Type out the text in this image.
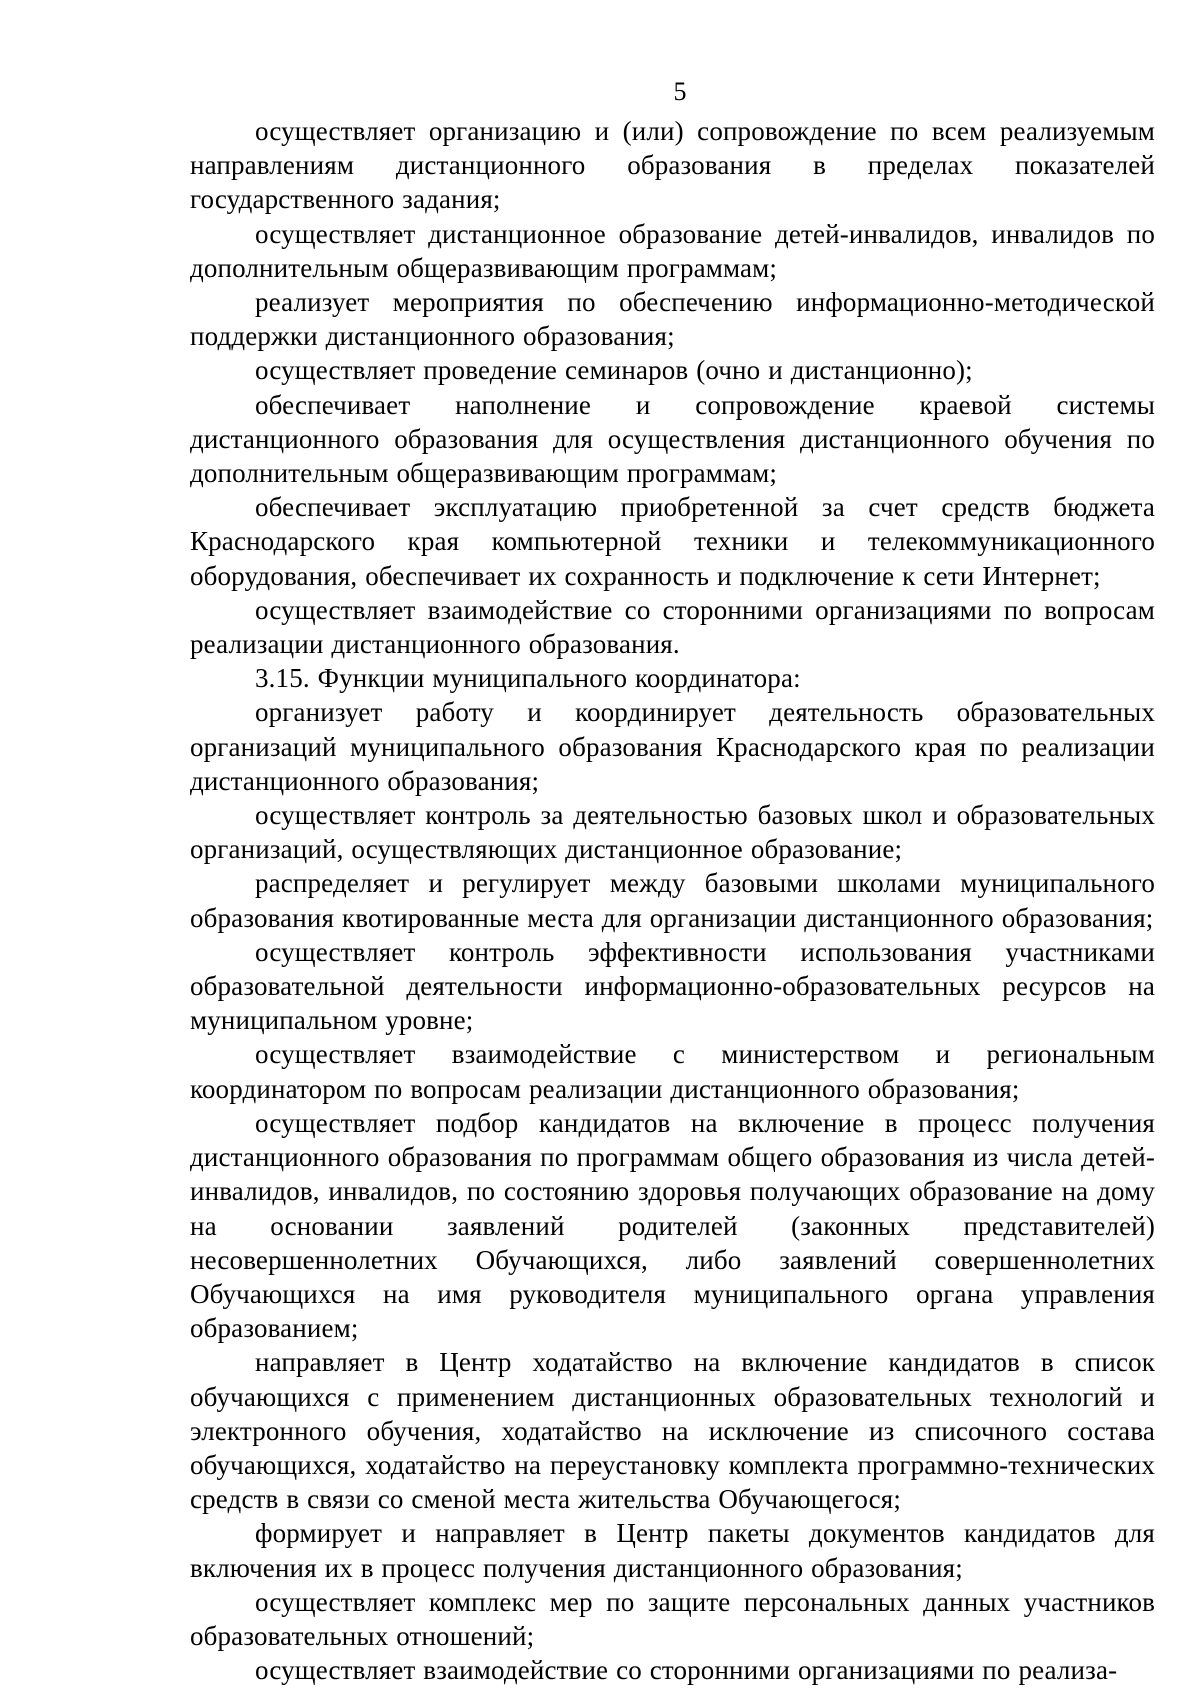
5

осуществляет организацию и (или) сопровождение по всем реализуемым направлениям дистанционного образования в пределах показателей государственного задания;

осуществляет дистанционное образование детей-инвалидов, инвалидов по дополнительным общеразвивающим программам;

реализует мероприятия по обеспечению информационно-методической поддержки дистанционного образования;

осуществляет проведение семинаров (очно и дистанционно);

обеспечивает наполнение и сопровождение краевой системы дистанционного образования для осуществления дистанционного обучения по дополнительным общеразвивающим программам;

обеспечивает эксплуатацию приобретенной за счет средств бюджета Краснодарского края компьютерной техники и телекоммуникационного оборудования, обеспечивает их сохранность и подключение к сети Интернет;

осуществляет взаимодействие со сторонними организациями по вопросам реализации дистанционного образования.

3.15. Функции муниципального координатора:

организует работу и координирует деятельность образовательных организаций муниципального образования Краснодарского края по реализации дистанционного образования;

осуществляет контроль за деятельностью базовых школ и образовательных организаций, осуществляющих дистанционное образование;

распределяет и регулирует между базовыми школами муниципального образования квотированные места для организации дистанционного образования;

осуществляет контроль эффективности использования участниками образовательной деятельности информационно-образовательных ресурсов на муниципальном уровне;

осуществляет взаимодействие с министерством и региональным координатором по вопросам реализации дистанционного образования;

осуществляет подбор кандидатов на включение в процесс получения дистанционного образования по программам общего образования из числа детей-инвалидов, инвалидов, по состоянию здоровья получающих образование на дому на основании заявлений родителей (законных представителей) несовершеннолетних Обучающихся, либо заявлений совершеннолетних Обучающихся на имя руководителя муниципального органа управления образованием;

направляет в Центр ходатайство на включение кандидатов в список обучающихся с применением дистанционных образовательных технологий и электронного обучения, ходатайство на исключение из списочного состава обучающихся, ходатайство на переустановку комплекта программно-технических средств в связи со сменой места жительства Обучающегося;

формирует и направляет в Центр пакеты документов кандидатов для включения их в процесс получения дистанционного образования;

осуществляет комплекс мер по защите персональных данных участников образовательных отношений;

осуществляет взаимодействие со сторонними организациями по реализа-
